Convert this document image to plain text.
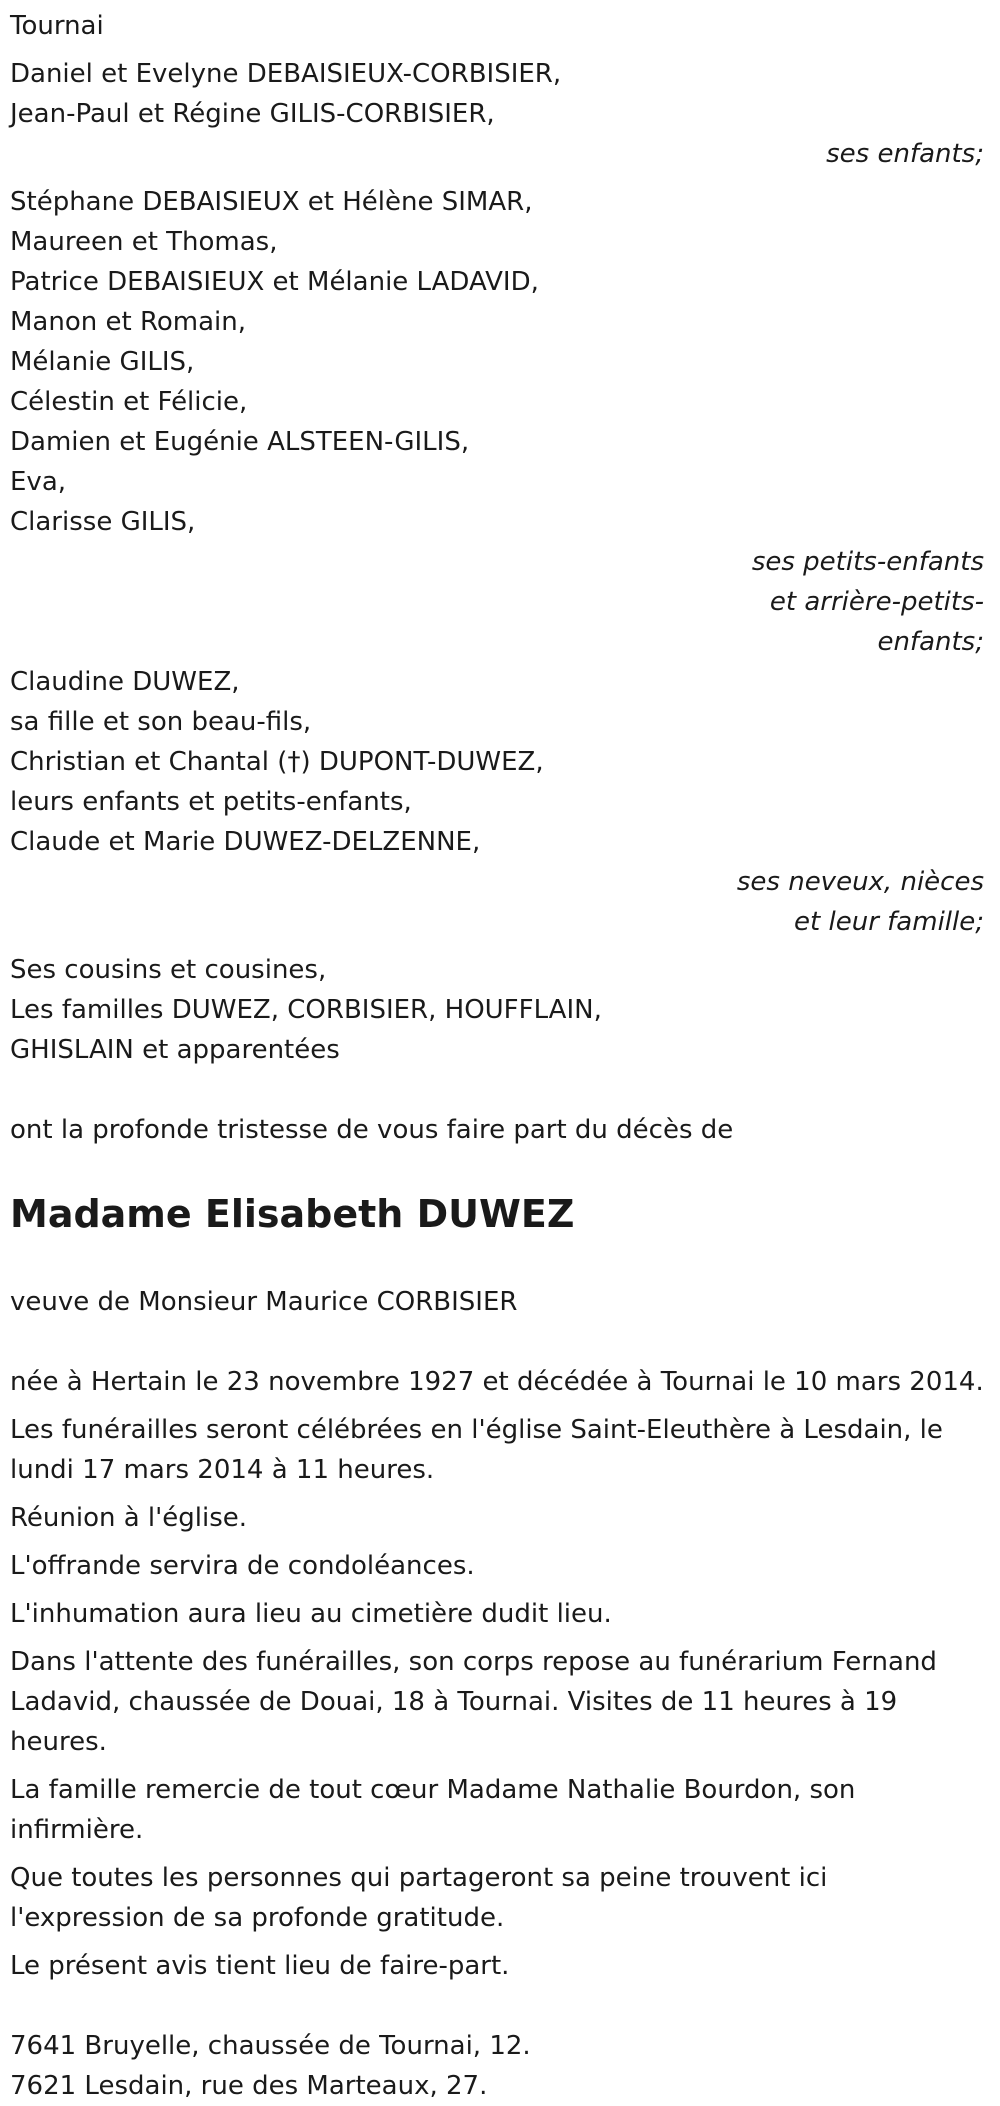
Tournai
Daniel et Evelyne DEBAISIEUX-CORBISIER,
Jean-Paul et Régine GILIS-CORBISIER,
ses enfants;
Stéphane DEBAISIEUX et Hélène SIMAR,
Maureen et Thomas,
Patrice DEBAISIEUX et Mélanie LADAVID,
Manon et Romain,
Mélanie GILIS,
Célestin et Félicie,
Damien et Eugénie ALSTEEN-GILIS,
Eva,
Clarisse GILIS,
ses petits-enfants
et arrière-petits-
enfants;
Claudine DUWEZ,
sa fille et son beau-fils,
Christian et Chantal (†) DUPONT-DUWEZ,
leurs enfants et petits-enfants,
Claude et Marie DUWEZ-DELZENNE,
ses neveux, nièces
et leur famille;
Ses cousins et cousines,
Les familles DUWEZ, CORBISIER, HOUFFLAIN,
GHISLAIN et apparentées
ont la profonde tristesse de vous faire part du décès de
Madame Elisabeth DUWEZ
veuve de Monsieur Maurice CORBISIER
née à Hertain le 23 novembre 1927 et décédée à Tournai le 10 mars 2014.
Les funérailles seront célébrées en l'église Saint-Eleuthère à Lesdain, le lundi 17 mars 2014 à 11 heures.
Réunion à l'église.
L'offrande servira de condoléances.
L'inhumation aura lieu au cimetière dudit lieu.
Dans l'attente des funérailles, son corps repose au funérarium Fernand Ladavid, chaussée de Douai, 18 à Tournai. Visites de 11 heures à 19 heures.
La famille remercie de tout cœur Madame Nathalie Bourdon, son infirmière.
Que toutes les personnes qui partageront sa peine trouvent ici l'expression de sa profonde gratitude.
Le présent avis tient lieu de faire-part.
7641 Bruyelle, chaussée de Tournai, 12.
7621 Lesdain, rue des Marteaux, 27.
